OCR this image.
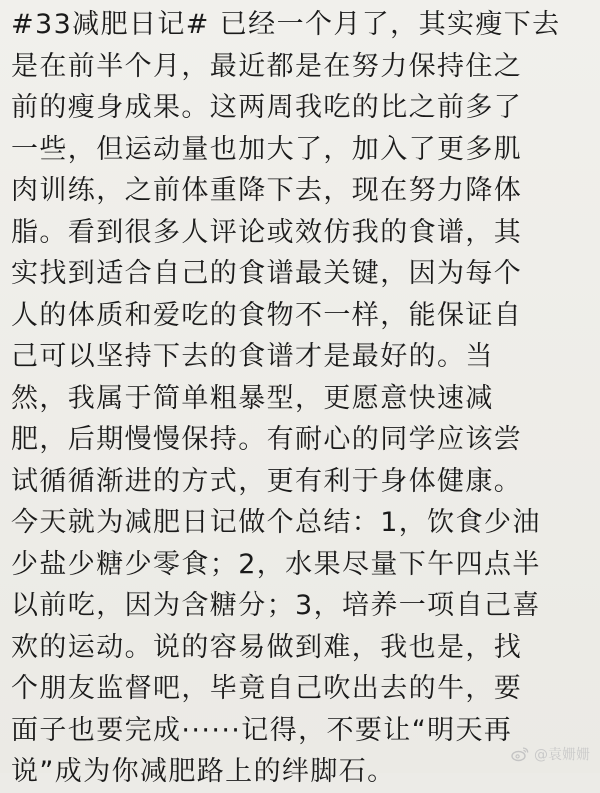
#33减肥日记# 已经一个月了，其实瘦下去
是在前半个月，最近都是在努力保持住之
前的瘦身成果。这两周我吃的比之前多了
一些，但运动量也加大了，加入了更多肌
肉训练，之前体重降下去，现在努力降体
脂。看到很多人评论或效仿我的食谱，其
实找到适合自己的食谱最关键，因为每个
人的体质和爱吃的食物不一样，能保证自
己可以坚持下去的食谱才是最好的。当
然，我属于简单粗暴型，更愿意快速减
肥，后期慢慢保持。有耐心的同学应该尝
试循循渐进的方式，更有利于身体健康。
今天就为减肥日记做个总结：1，饮食少油
少盐少糖少零食；2，水果尽量下午四点半
以前吃，因为含糖分；3，培养一项自己喜
欢的运动。说的容易做到难，我也是，找
个朋友监督吧，毕竟自己吹出去的牛，要
面子也要完成······记得，不要让“明天再
说”成为你减肥路上的绊脚石。
@袁姗姗
